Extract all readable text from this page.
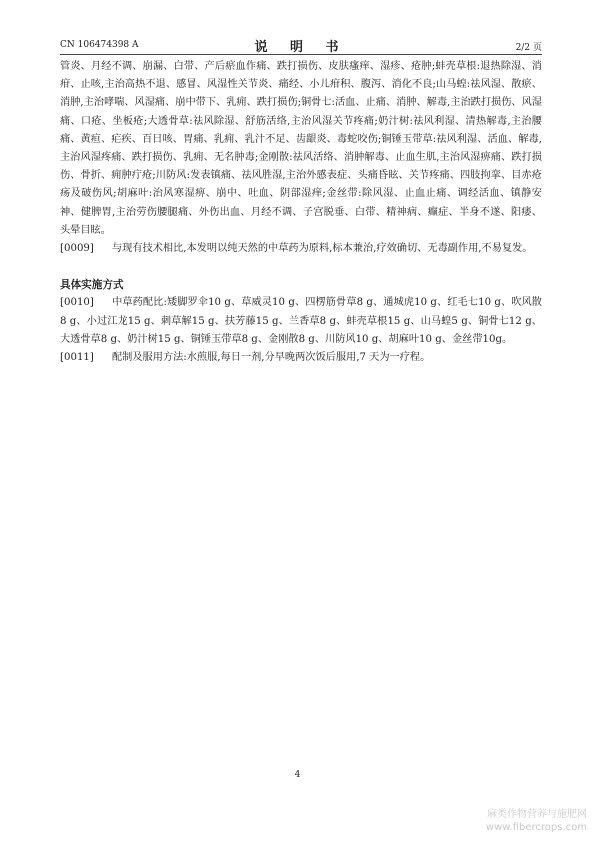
CN 106474398 A	说 明 书	2/2 页

管炎、月经不调、崩漏、白带、产后瘀血作痛、跌打损伤、皮肤瘙痒、湿疹、疮肿;蚌壳草根:退热除湿、消疳、止咳,主治高热不退、感冒、风湿性关节炎、痛经、小儿疳积、腹泻、消化不良;山马蝗:祛风湿、散瘀、消肿,主治哮喘、风湿痛、崩中带下、乳痈、跌打损伤;铜骨七:活血、止痛、消肿、解毒,主治跌打损伤、风湿痛、口疮、坐板疮;大透骨草:祛风除湿、舒筋活络,主治风湿关节疼痛;奶汁树:祛风利湿、清热解毒,主治腰痛、黄疸、疟疾、百日咳、胃痛、乳痈、乳汁不足、齿龈炎、毒蛇咬伤;铜锤玉带草:祛风利湿、活血、解毒,主治风湿疼痛、跌打损伤、乳痈、无名肿毒;金刚散:祛风活络、消肿解毒、止血生肌,主治风湿痹痛、跌打损伤、骨折、痈肿疔疮;川防风:发表镇痛、祛风胜湿,主治外感表症、头痛昏眩、关节疼痛、四肢拘挛、目赤疮疡及破伤风;胡麻叶:治风寒湿痹、崩中、吐血、阴部湿痒;金丝带:除风湿、止血止痛、调经活血、镇静安神、健脾胃,主治劳伤腰腿痛、外伤出血、月经不调、子宫脱垂、白带、精神病、癫症、半身不遂、阳痿、头晕目眩。

[0009] 与现有技术相比,本发明以纯天然的中草药为原料,标本兼治,疗效确切、无毒副作用,不易复发。

具体实施方式

[0010] 中草药配比:矮脚罗伞10 g、草威灵10 g、四楞筋骨草8 g、通城虎10 g、红毛七10 g、吹风散8 g、小过江龙15 g、刺草解15 g、扶芳藤15 g、兰香草8 g、蚌壳草根15 g、山马蝗5 g、铜骨七12 g、大透骨草8 g、奶汁树15 g、铜锤玉带草8 g、金刚散8 g、川防风10 g、胡麻叶10 g、金丝带10g。

[0011] 配制及服用方法:水煎服,每日一剂,分早晚两次饭后服用,7 天为一疗程。

4
麻类作物营养与施肥网
www.fibercrops.com
